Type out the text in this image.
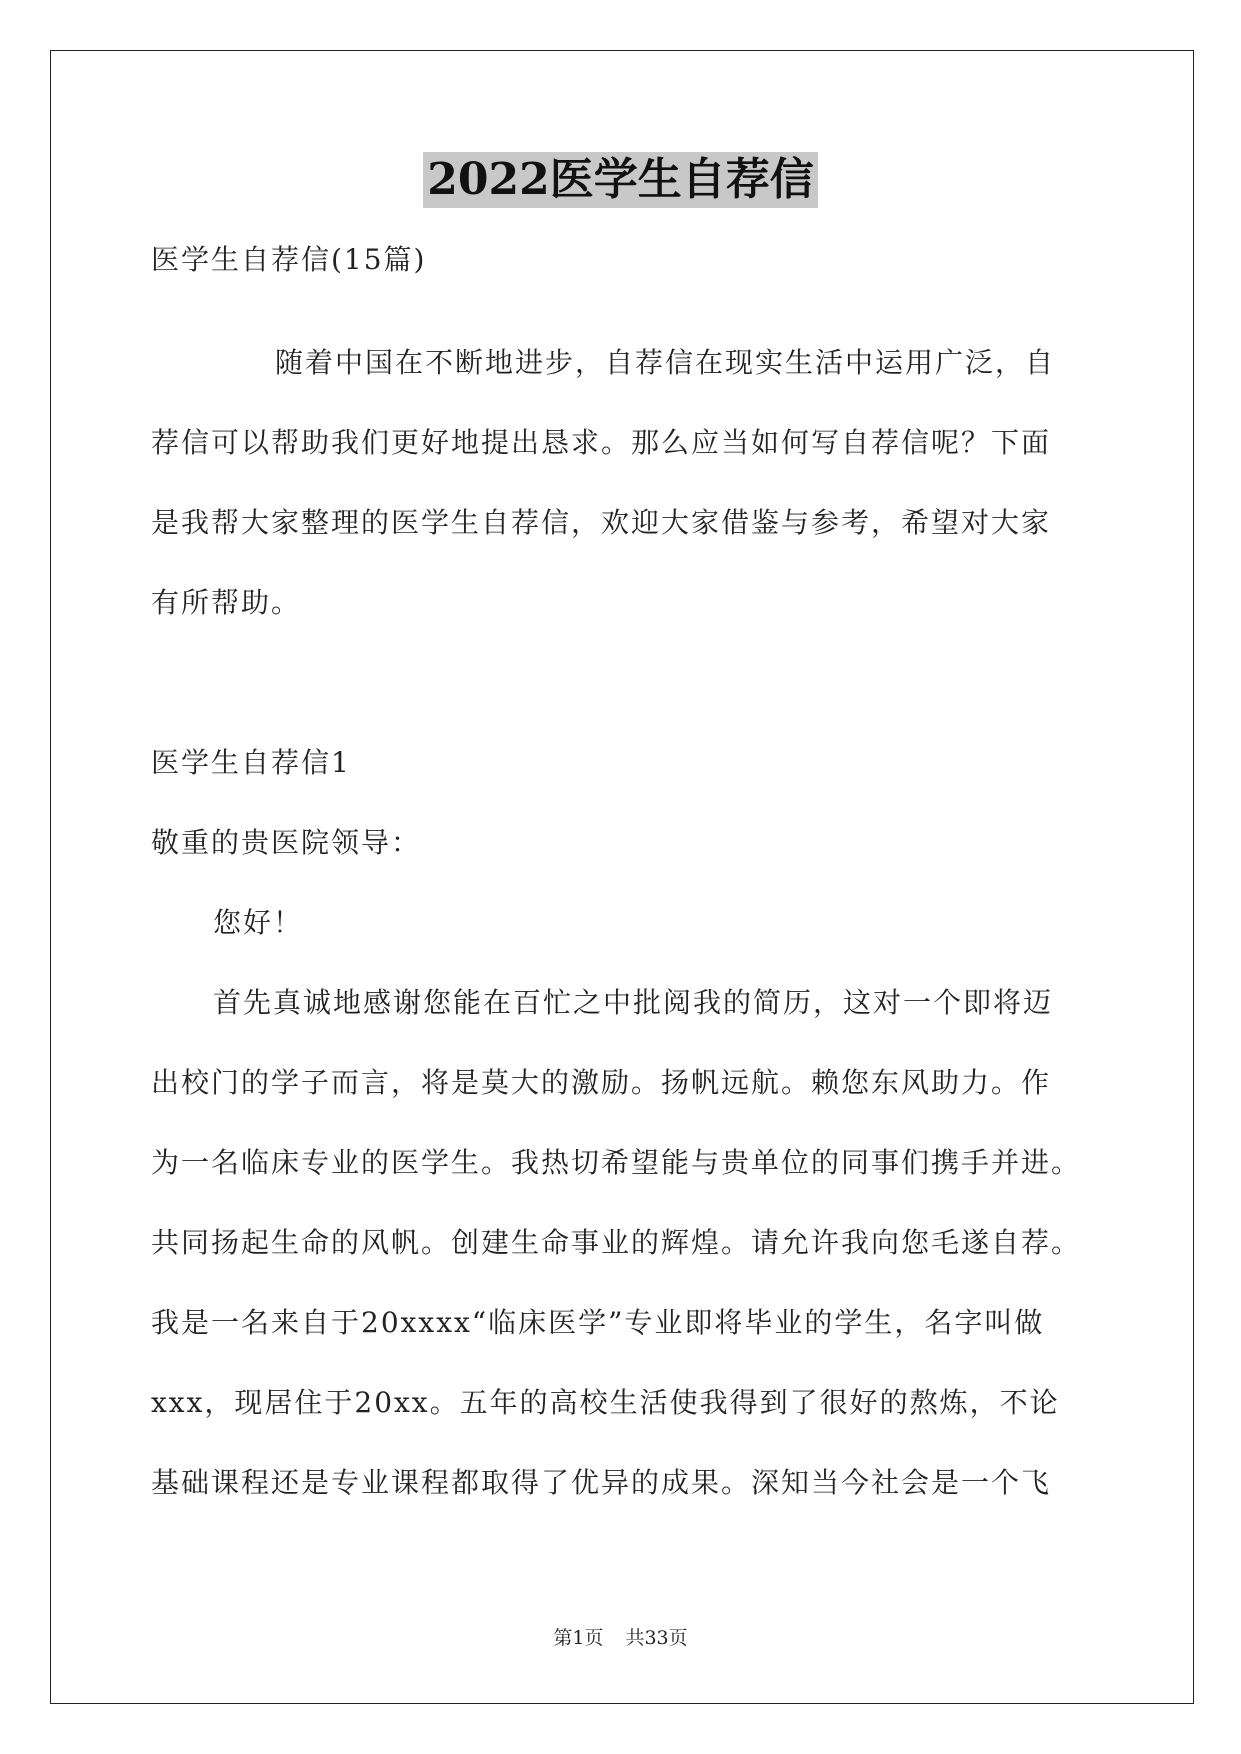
2022医学生自荐信
医学生自荐信(15篇)
随着中国在不断地进步，自荐信在现实生活中运用广泛，自
荐信可以帮助我们更好地提出恳求。那么应当如何写自荐信呢？下面
是我帮大家整理的医学生自荐信，欢迎大家借鉴与参考，希望对大家
有所帮助。
医学生自荐信1
敬重的贵医院领导：
您好！
首先真诚地感谢您能在百忙之中批阅我的简历，这对一个即将迈
出校门的学子而言，将是莫大的激励。扬帆远航。赖您东风助力。作
为一名临床专业的医学生。我热切希望能与贵单位的同事们携手并进。
共同扬起生命的风帆。创建生命事业的辉煌。请允许我向您毛遂自荐。
我是一名来自于20xxxx“临床医学”专业即将毕业的学生，名字叫做
xxx，现居住于20xx。五年的高校生活使我得到了很好的熬炼，不论
基础课程还是专业课程都取得了优异的成果。深知当今社会是一个飞
第1页 共33页
